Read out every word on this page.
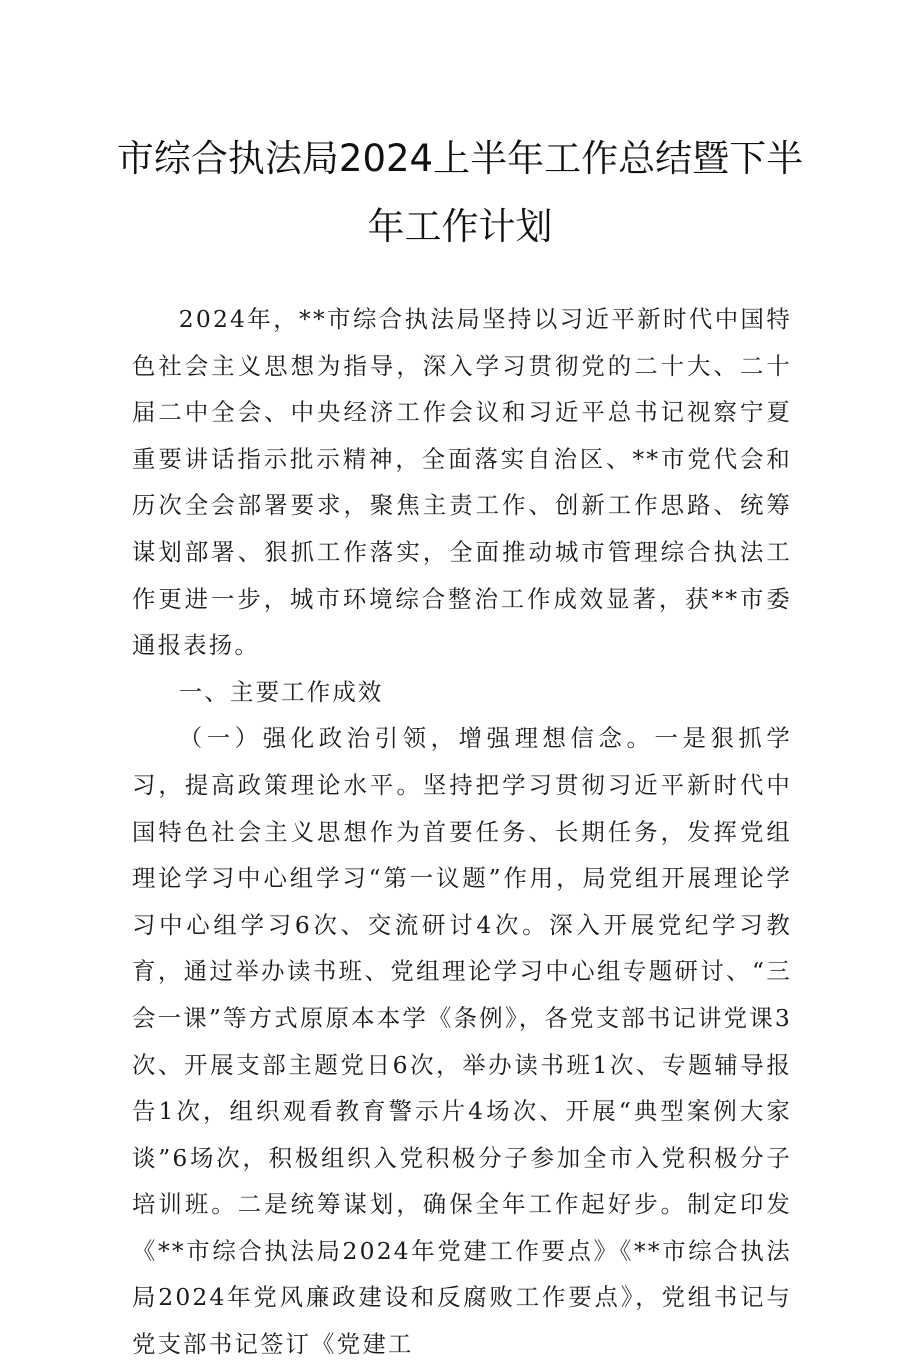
市综合执法局2024上半年工作总结暨下半
年工作计划

2024年，**市综合执法局坚持以习近平新时代中国特色社会主义思想为指导，深入学习贯彻党的二十大、二十届二中全会、中央经济工作会议和习近平总书记视察宁夏重要讲话指示批示精神，全面落实自治区、**市党代会和历次全会部署要求，聚焦主责工作、创新工作思路、统筹谋划部署、狠抓工作落实，全面推动城市管理综合执法工作更进一步，城市环境综合整治工作成效显著，获**市委通报表扬。

一、主要工作成效

（一）强化政治引领，增强理想信念。一是狠抓学习，提高政策理论水平。坚持把学习贯彻习近平新时代中国特色社会主义思想作为首要任务、长期任务，发挥党组理论学习中心组学习“第一议题”作用，局党组开展理论学习中心组学习6次、交流研讨4次。深入开展党纪学习教育，通过举办读书班、党组理论学习中心组专题研讨、“三会一课”等方式原原本本学《条例》，各党支部书记讲党课3次、开展支部主题党日6次，举办读书班1次、专题辅导报告1次，组织观看教育警示片4场次、开展“典型案例大家谈”6场次，积极组织入党积极分子参加全市入党积极分子培训班。二是统筹谋划，确保全年工作起好步。制定印发《**市综合执法局2024年党建工作要点》《**市综合执法局2024年党风廉政建设和反腐败工作要点》，党组书记与党支部书记签订《党建工
